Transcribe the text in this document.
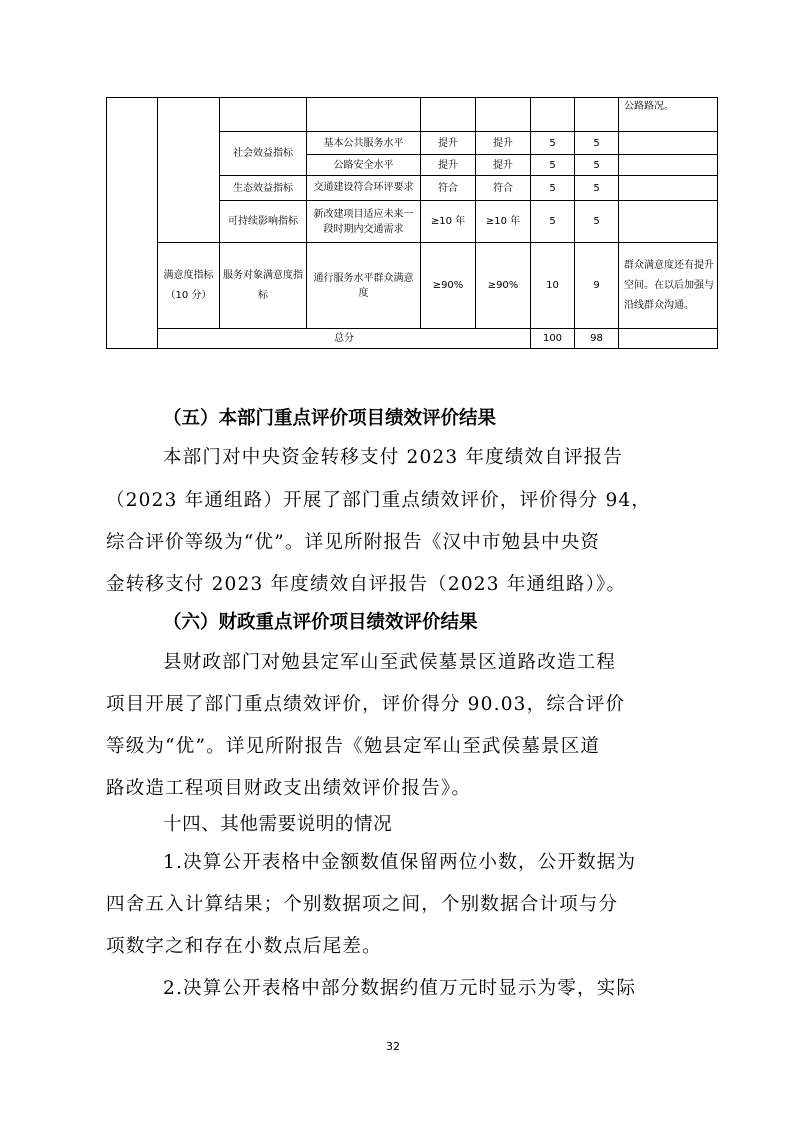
								公路路况。
		社会效益指标	基本公共服务水平	提升	提升	5	5	
			公路安全水平	提升	提升	5	5	
		生态效益指标	交通建设符合环评要求	符合	符合	5	5	
		可持续影响指标	新改建项目适应未来一段时期内交通需求	≥10 年	≥10 年	5	5	
	满意度指标（10 分）	服务对象满意度指标	通行服务水平群众满意度	≥90%	≥90%	10	9	群众满意度还有提升空间。在以后加强与沿线群众沟通。
	总分					100	98	
（五）本部门重点评价项目绩效评价结果
本部门对中央资金转移支付 2023 年度绩效自评报告
（2023 年通组路）开展了部门重点绩效评价，评价得分 94，
综合评价等级为“优”。详见所附报告《汉中市勉县中央资
金转移支付 2023 年度绩效自评报告（2023 年通组路）》。
（六）财政重点评价项目绩效评价结果
县财政部门对勉县定军山至武侯墓景区道路改造工程
项目开展了部门重点绩效评价，评价得分 90.03，综合评价
等级为“优”。详见所附报告《勉县定军山至武侯墓景区道
路改造工程项目财政支出绩效评价报告》。
十四、其他需要说明的情况
1.决算公开表格中金额数值保留两位小数，公开数据为
四舍五入计算结果；个别数据项之间，个别数据合计项与分
项数字之和存在小数点后尾差。
2.决算公开表格中部分数据约值万元时显示为零，实际
32
